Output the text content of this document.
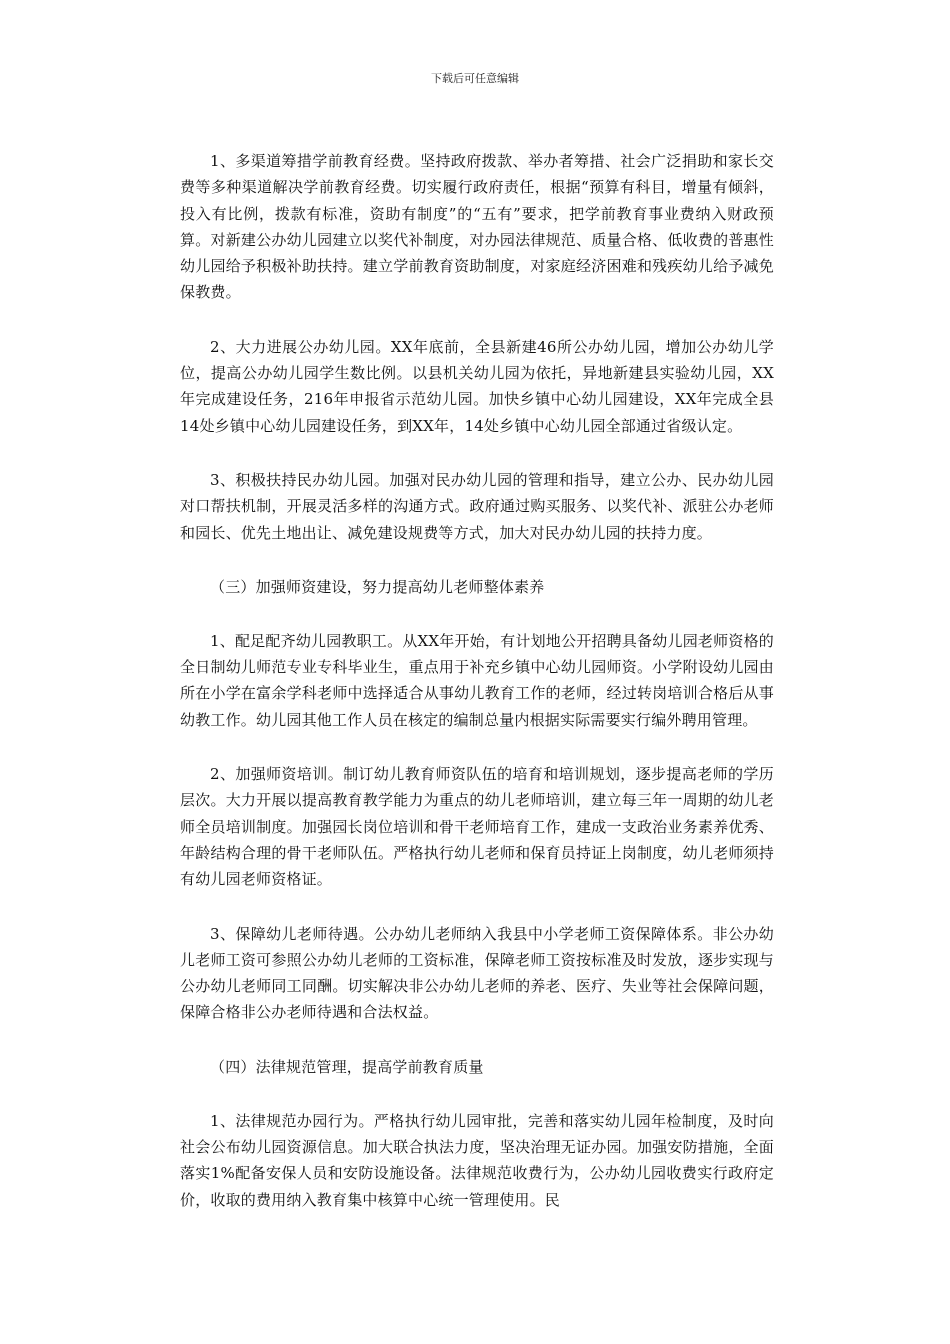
下载后可任意编辑

1、多渠道筹措学前教育经费。坚持政府拨款、举办者筹措、社会广泛捐助和家长交费等多种渠道解决学前教育经费。切实履行政府责任，根据“预算有科目，增量有倾斜，投入有比例，拨款有标准，资助有制度”的“五有”要求，把学前教育事业费纳入财政预算。对新建公办幼儿园建立以奖代补制度，对办园法律规范、质量合格、低收费的普惠性幼儿园给予积极补助扶持。建立学前教育资助制度，对家庭经济困难和残疾幼儿给予减免保教费。

2、大力进展公办幼儿园。XX年底前，全县新建46所公办幼儿园，增加公办幼儿学位，提高公办幼儿园学生数比例。以县机关幼儿园为依托，异地新建县实验幼儿园，XX年完成建设任务，216年申报省示范幼儿园。加快乡镇中心幼儿园建设，XX年完成全县14处乡镇中心幼儿园建设任务，到XX年，14处乡镇中心幼儿园全部通过省级认定。

3、积极扶持民办幼儿园。加强对民办幼儿园的管理和指导，建立公办、民办幼儿园对口帮扶机制，开展灵活多样的沟通方式。政府通过购买服务、以奖代补、派驻公办老师和园长、优先土地出让、减免建设规费等方式，加大对民办幼儿园的扶持力度。

（三）加强师资建设，努力提高幼儿老师整体素养

1、配足配齐幼儿园教职工。从XX年开始，有计划地公开招聘具备幼儿园老师资格的全日制幼儿师范专业专科毕业生，重点用于补充乡镇中心幼儿园师资。小学附设幼儿园由所在小学在富余学科老师中选择适合从事幼儿教育工作的老师，经过转岗培训合格后从事幼教工作。幼儿园其他工作人员在核定的编制总量内根据实际需要实行编外聘用管理。

2、加强师资培训。制订幼儿教育师资队伍的培育和培训规划，逐步提高老师的学历层次。大力开展以提高教育教学能力为重点的幼儿老师培训，建立每三年一周期的幼儿老师全员培训制度。加强园长岗位培训和骨干老师培育工作，建成一支政治业务素养优秀、年龄结构合理的骨干老师队伍。严格执行幼儿老师和保育员持证上岗制度，幼儿老师须持有幼儿园老师资格证。

3、保障幼儿老师待遇。公办幼儿老师纳入我县中小学老师工资保障体系。非公办幼儿老师工资可参照公办幼儿老师的工资标准，保障老师工资按标准及时发放，逐步实现与公办幼儿老师同工同酬。切实解决非公办幼儿老师的养老、医疗、失业等社会保障问题，保障合格非公办老师待遇和合法权益。

（四）法律规范管理，提高学前教育质量

1、法律规范办园行为。严格执行幼儿园审批，完善和落实幼儿园年检制度，及时向社会公布幼儿园资源信息。加大联合执法力度，坚决治理无证办园。加强安防措施，全面落实1%配备安保人员和安防设施设备。法律规范收费行为，公办幼儿园收费实行政府定价，收取的费用纳入教育集中核算中心统一管理使用。民
